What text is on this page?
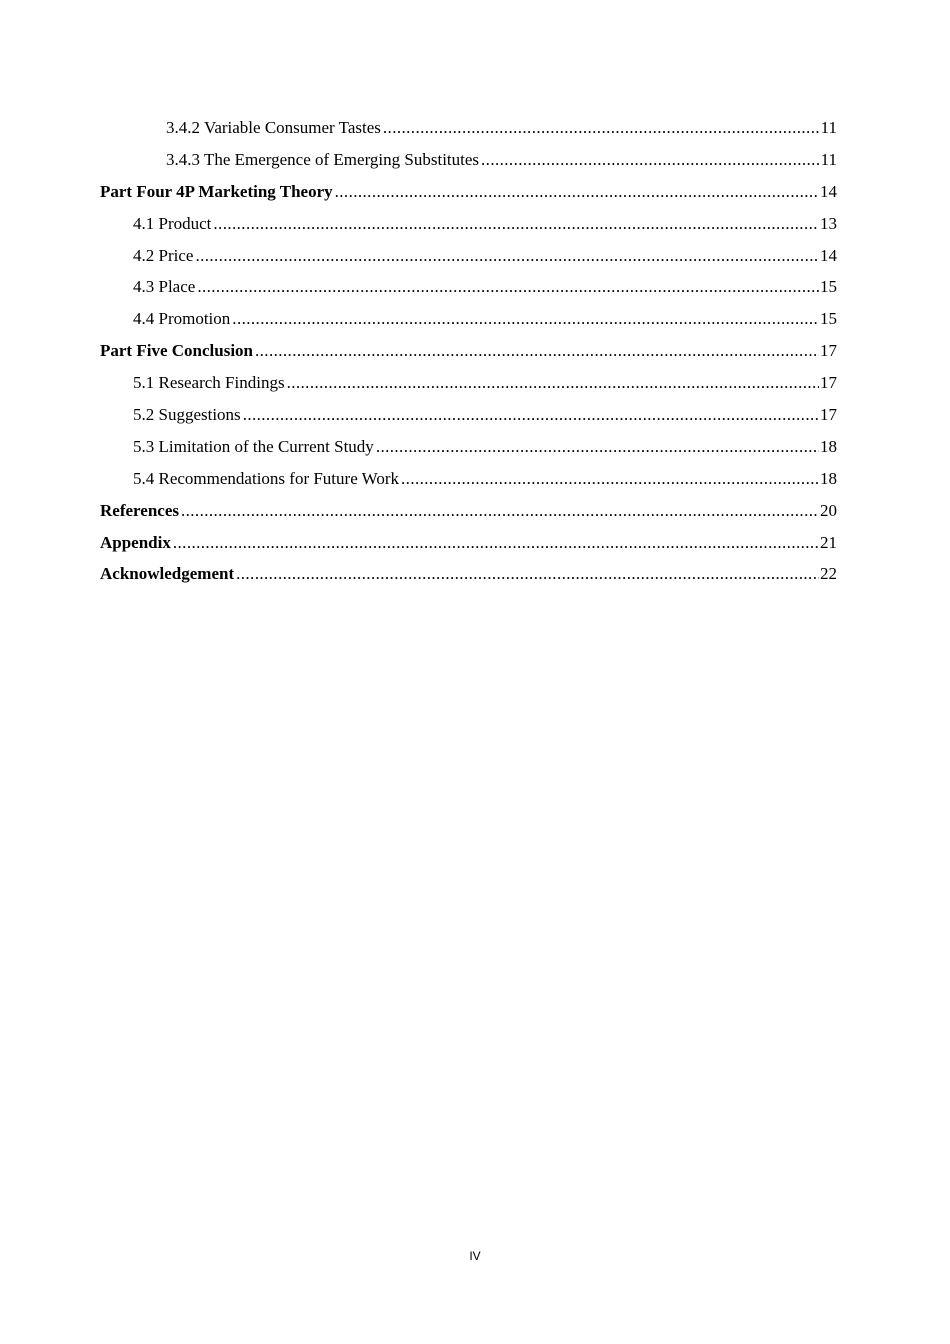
3.4.2 Variable Consumer Tastes .....	11
3.4.3 The Emergence of Emerging Substitutes .....	11
Part Four 4P Marketing Theory .....	14
4.1 Product .....	13
4.2 Price .....	14
4.3 Place .....	15
4.4 Promotion .....	15
Part Five Conclusion .....	17
5.1 Research Findings .....	17
5.2 Suggestions .....	17
5.3 Limitation of the Current Study .....	18
5.4 Recommendations for Future Work .....	18
References .....	20
Appendix .....	21
Acknowledgement .....	22
IV
